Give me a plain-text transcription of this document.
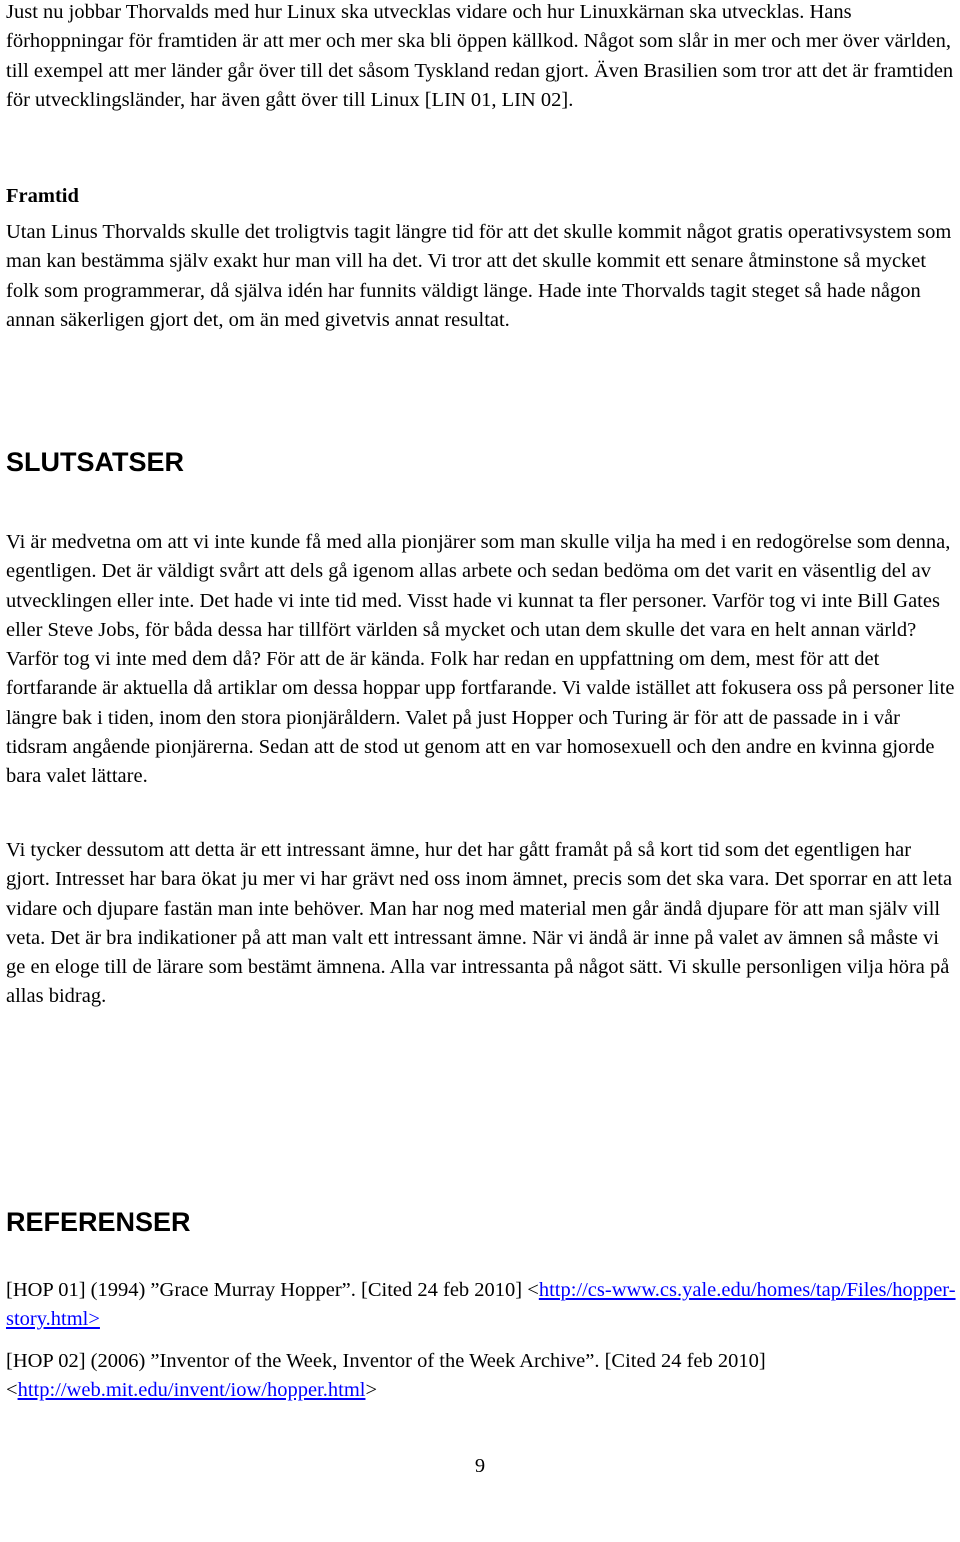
Just nu jobbar Thorvalds med hur Linux ska utvecklas vidare och hur Linuxkärnan ska utvecklas. Hans förhoppningar för framtiden är att mer och mer ska bli öppen källkod. Något som slår in mer och mer över världen, till exempel att mer länder går över till det såsom Tyskland redan gjort. Även Brasilien som tror att det är framtiden för utvecklingsländer, har även gått över till Linux [LIN 01, LIN 02].

Framtid

Utan Linus Thorvalds skulle det troligtvis tagit längre tid för att det skulle kommit något gratis operativsystem som man kan bestämma själv exakt hur man vill ha det. Vi tror att det skulle kommit ett senare åtminstone så mycket folk som programmerar, då själva idén har funnits väldigt länge. Hade inte Thorvalds tagit steget så hade någon annan säkerligen gjort det, om än med givetvis annat resultat.

SLUTSATSER

Vi är medvetna om att vi inte kunde få med alla pionjärer som man skulle vilja ha med i en redogörelse som denna, egentligen. Det är väldigt svårt att dels gå igenom allas arbete och sedan bedöma om det varit en väsentlig del av utvecklingen eller inte. Det hade vi inte tid med. Visst hade vi kunnat ta fler personer. Varför tog vi inte Bill Gates eller Steve Jobs, för båda dessa har tillfört världen så mycket och utan dem skulle det vara en helt annan värld? Varför tog vi inte med dem då? För att de är kända. Folk har redan en uppfattning om dem, mest för att det fortfarande är aktuella då artiklar om dessa hoppar upp fortfarande. Vi valde istället att fokusera oss på personer lite längre bak i tiden, inom den stora pionjäråldern. Valet på just Hopper och Turing är för att de passade in i vår tidsram angående pionjärerna. Sedan att de stod ut genom att en var homosexuell och den andre en kvinna gjorde bara valet lättare.

Vi tycker dessutom att detta är ett intressant ämne, hur det har gått framåt på så kort tid som det egentligen har gjort. Intresset har bara ökat ju mer vi har grävt ned oss inom ämnet, precis som det ska vara. Det sporrar en att leta vidare och djupare fastän man inte behöver. Man har nog med material men går ändå djupare för att man själv vill veta. Det är bra indikationer på att man valt ett intressant ämne. När vi ändå är inne på valet av ämnen så måste vi ge en eloge till de lärare som bestämt ämnena. Alla var intressanta på något sätt. Vi skulle personligen vilja höra på allas bidrag.

REFERENSER

[HOP 01] (1994) ”Grace Murray Hopper”. [Cited 24 feb 2010] <http://cs-www.cs.yale.edu/homes/tap/Files/hopper-story.html>

[HOP 02] (2006) ”Inventor of the Week, Inventor of the Week Archive”. [Cited 24 feb 2010]<http://web.mit.edu/invent/iow/hopper.html>

9
